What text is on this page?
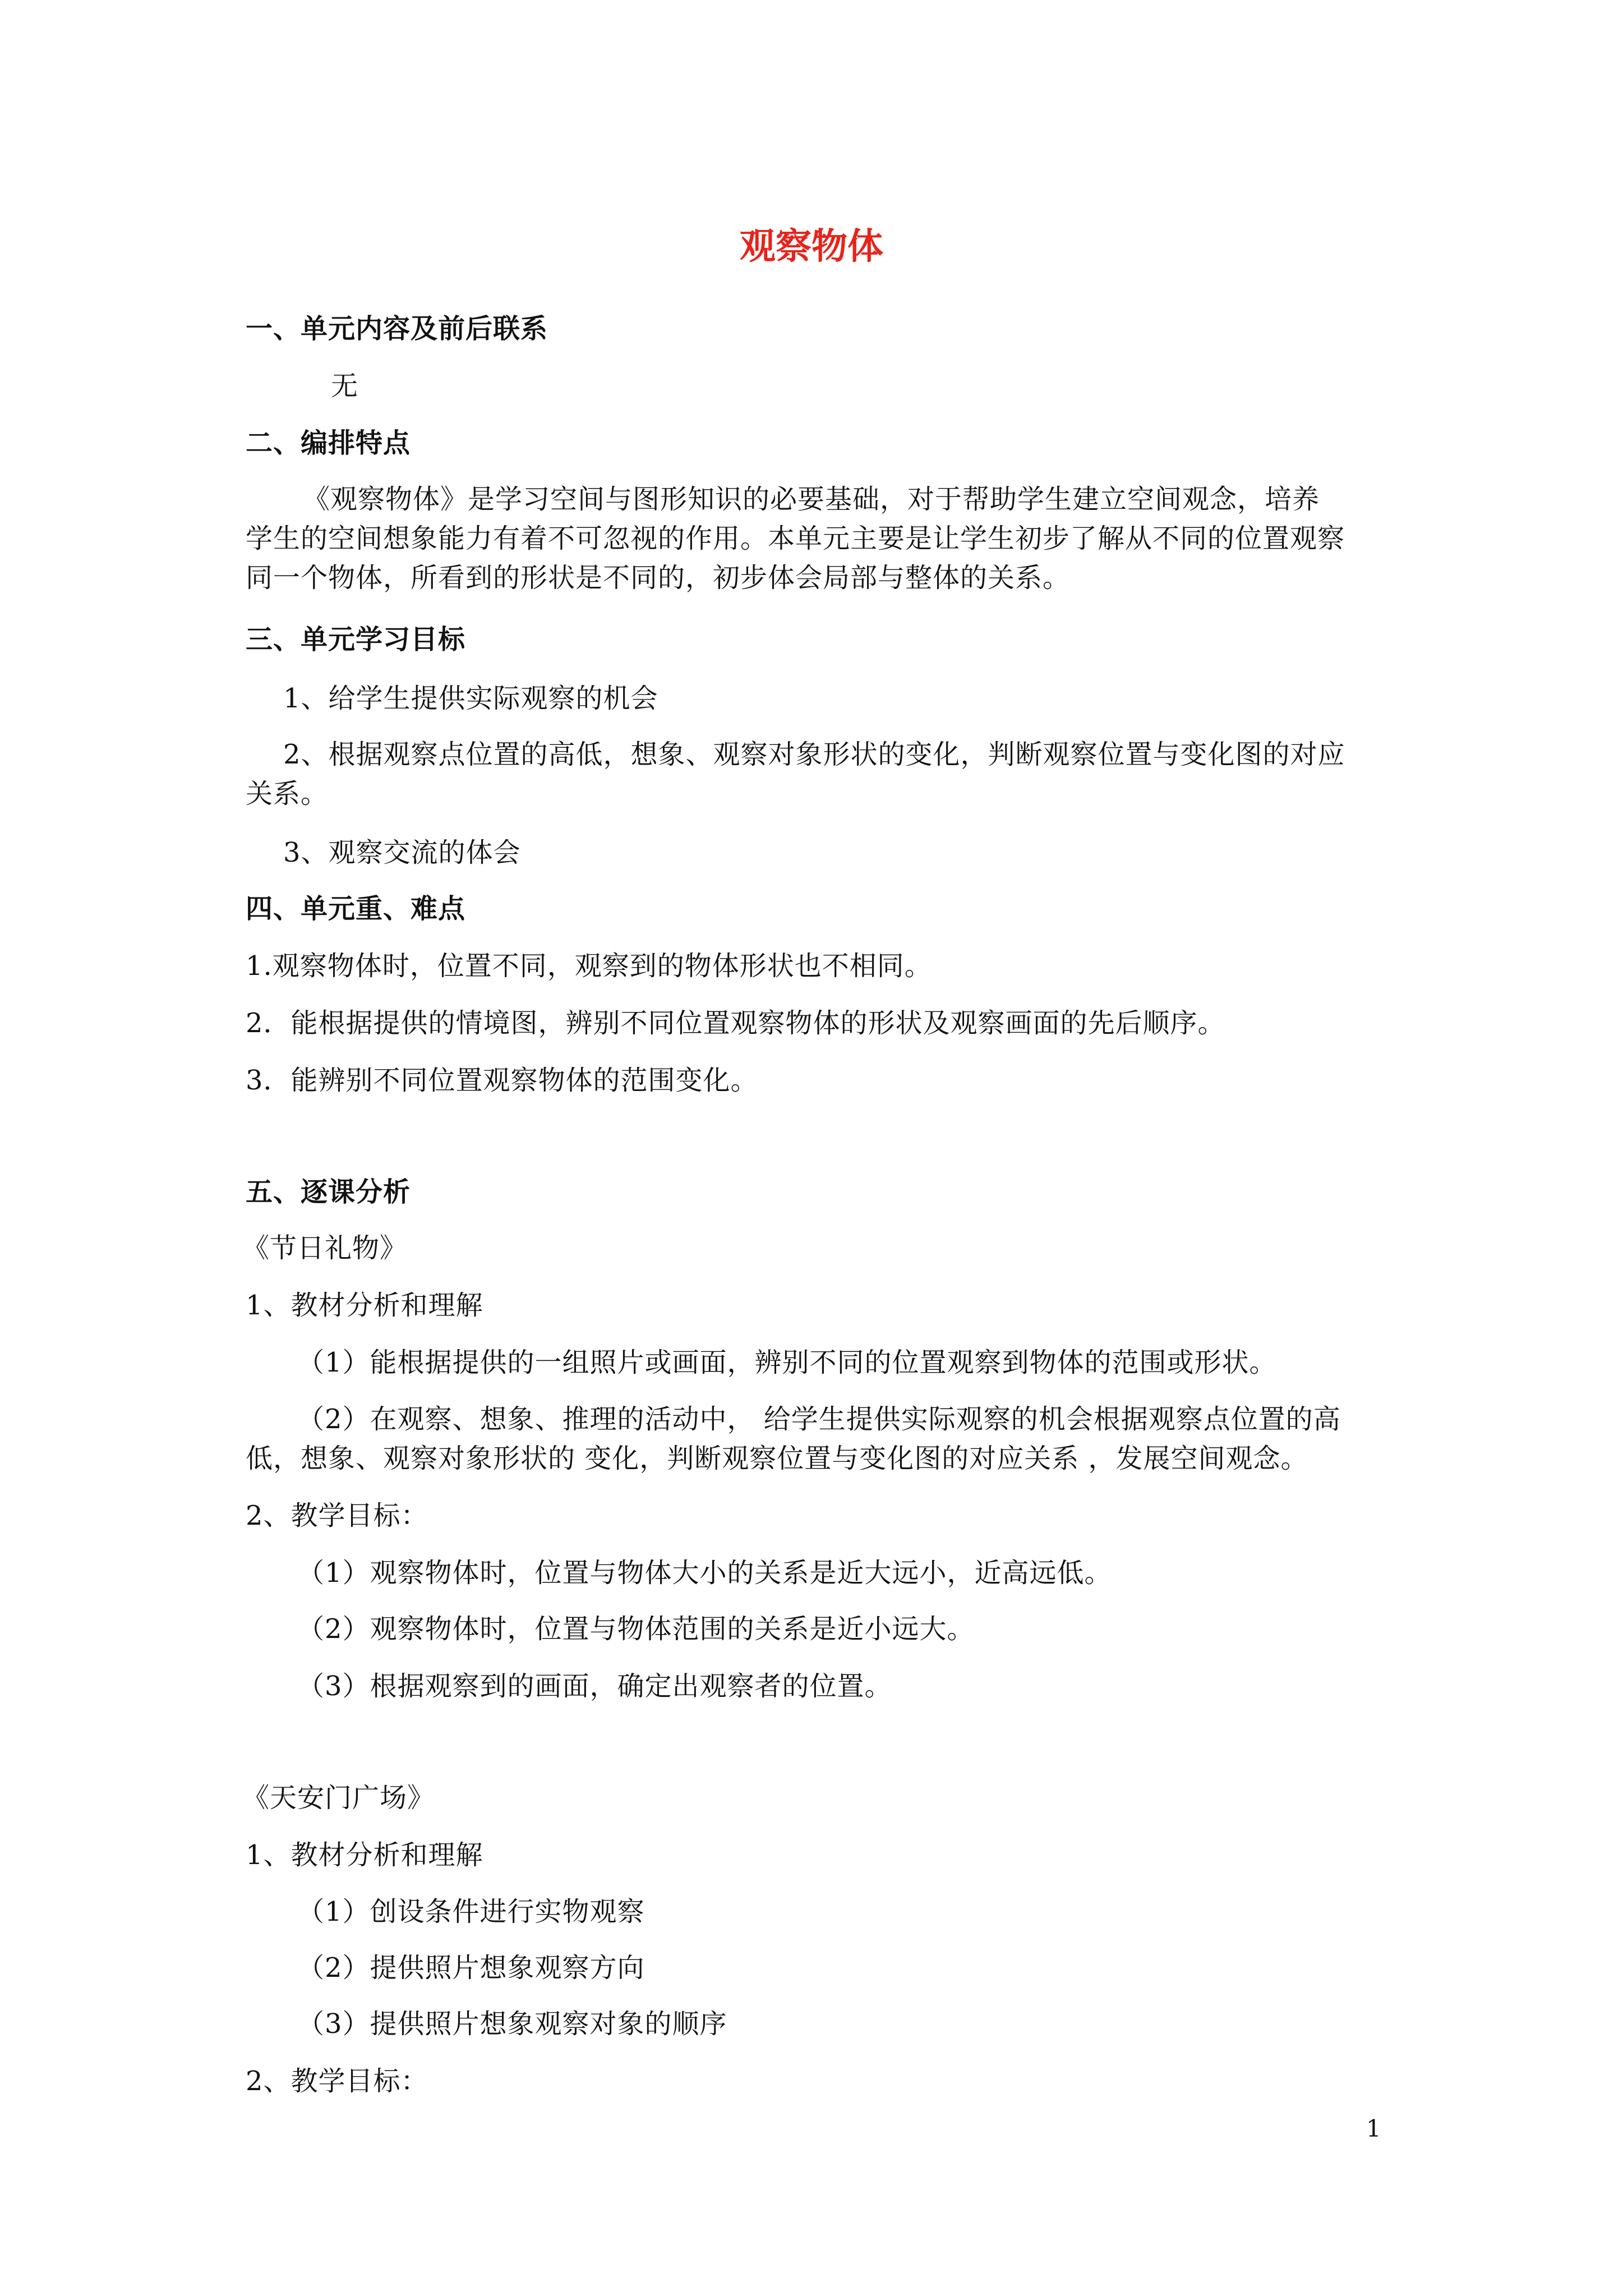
观察物体
一、单元内容及前后联系
无
二、编排特点
《观察物体》是学习空间与图形知识的必要基础，对于帮助学生建立空间观念，培养
学生的空间想象能力有着不可忽视的作用。本单元主要是让学生初步了解从不同的位置观察
同一个物体，所看到的形状是不同的，初步体会局部与整体的关系。
三、单元学习目标
1、给学生提供实际观察的机会
2、根据观察点位置的高低，想象、观察对象形状的变化，判断观察位置与变化图的对应
关系。
3、观察交流的体会
四、单元重、难点
1.观察物体时，位置不同，观察到的物体形状也不相同。
2．能根据提供的情境图，辨别不同位置观察物体的形状及观察画面的先后顺序。
3．能辨别不同位置观察物体的范围变化。
五、逐课分析
《节日礼物》
1、教材分析和理解
（1）能根据提供的一组照片或画面，辨别不同的位置观察到物体的范围或形状。
（2）在观察、想象、推理的活动中， 给学生提供实际观察的机会根据观察点位置的高
低，想象、观察对象形状的 变化，判断观察位置与变化图的对应关系 ，发展空间观念。
2、教学目标：
（1）观察物体时，位置与物体大小的关系是近大远小，近高远低。
（2）观察物体时，位置与物体范围的关系是近小远大。
（3）根据观察到的画面，确定出观察者的位置。
《天安门广场》
1、教材分析和理解
（1）创设条件进行实物观察
（2）提供照片想象观察方向
（3）提供照片想象观察对象的顺序
2、教学目标：
1
